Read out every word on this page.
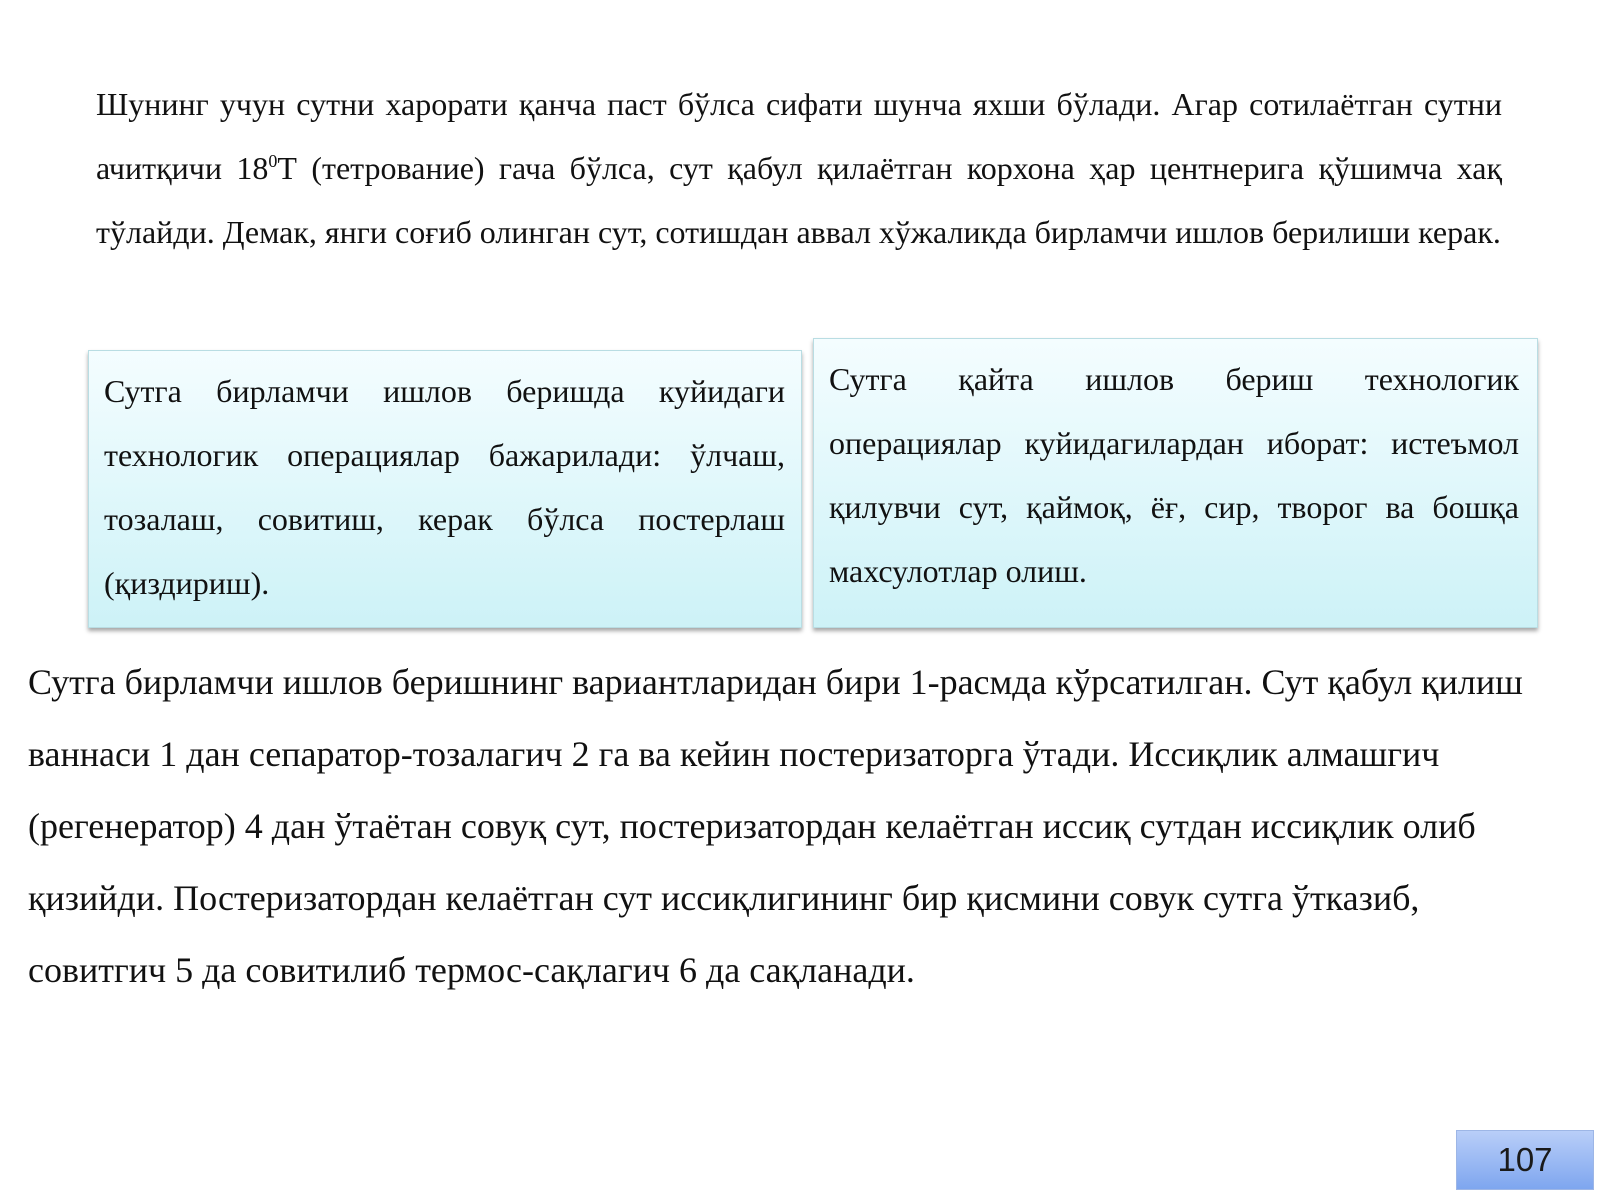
Шунинг учун сутни харорати қанча паст бўлса сифати шунча яхши бўлади. Агар сотилаётган сутни ачитқичи $18^0Т$ (тетрование) гача бўлса, сут қабул қилаётган корхона ҳар центнерига қўшимча хақ тўлайди. Демак, янги соғиб олинган сут, сотишдан аввал хўжаликда бирламчи ишлов берилиши керак.

Сутга бирламчи ишлов беришда куйидаги технологик операциялар бажарилади: ўлчаш, тозалаш, совитиш, керак бўлса постерлаш (қиздириш).

Сутга қайта ишлов бериш технологик операциялар куйидагилардан иборат: истеъмол қилувчи сут, қаймоқ, ёғ, сир, творог ва бошқа махсулотлар олиш.

Сутга бирламчи ишлов беришнинг вариантларидан бири 1-расмда кўрсатилган. Сут қабул қилиш ваннаси 1 дан сепаратор-тозалагич 2 га ва кейин постеризаторга ўтади. Иссиқлик алмашгич (регенератор) 4 дан ўтаётан совуқ сут, постеризатордан келаётган иссиқ сутдан иссиқлик олиб қизийди. Постеризатордан келаётган сут иссиқлигининг бир қисмини совук сутга ўтказиб, совитгич 5 да совитилиб термос-сақлагич 6 да сақланади.

107
